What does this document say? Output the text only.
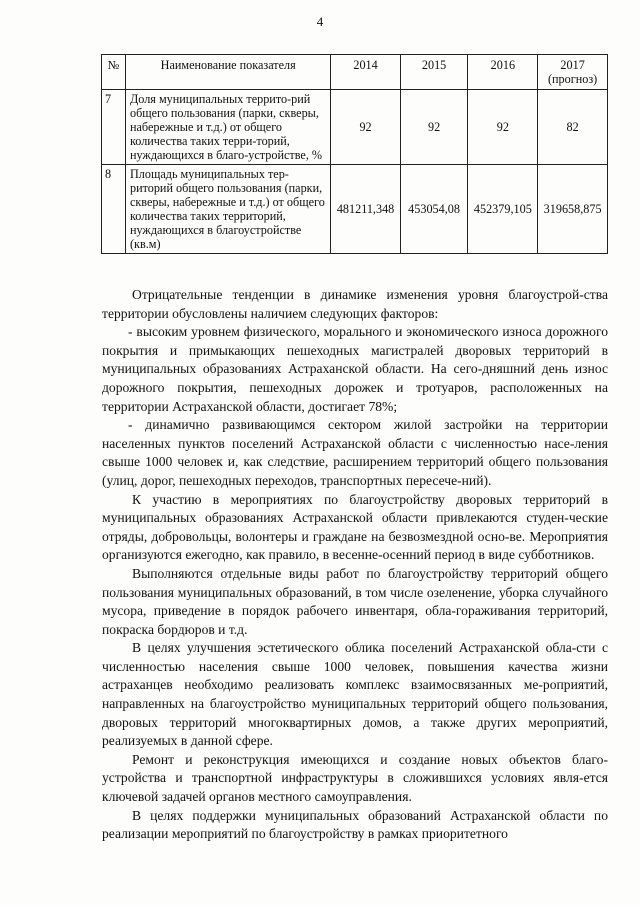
4
№	Наименование показателя	2014	2015	2016	2017
(прогноз)

7	Доля муниципальных террито-рий общего пользования (парки, скверы, набережные и т.д.) от общего количества таких терри-торий, нуждающихся в благо-устройстве, %	92	92	92	82
8	Площадь муниципальных тер-риторий общего пользования (парки, скверы, набережные и т.д.) от общего количества таких территорий, нуждающихся в благоустройстве (кв.м)	481211,348	453054,08	452379,105	319658,875

Отрицательные тенденции в динамике изменения уровня благоустрой-ства территории обусловлены наличием следующих факторов:

- высоким уровнем физического, морального и экономического износа дорожного покрытия и примыкающих пешеходных магистралей дворовых территорий в муниципальных образованиях Астраханской области. На сего-дняшний день износ дорожного покрытия, пешеходных дорожек и тротуаров, расположенных на территории Астраханской области, достигает 78%;

- динамично развивающимся сектором жилой застройки на территории населенных пунктов поселений Астраханской области с численностью насе-ления свыше 1000 человек и, как следствие, расширением территорий общего пользования (улиц, дорог, пешеходных переходов, транспортных пересече-ний).

К участию в мероприятиях по благоустройству дворовых территорий в муниципальных образованиях Астраханской области привлекаются студен-ческие отряды, добровольцы, волонтеры и граждане на безвозмездной осно-ве. Мероприятия организуются ежегодно, как правило, в весенне-осенний период в виде субботников.

Выполняются отдельные виды работ по благоустройству территорий общего пользования муниципальных образований, в том числе озеленение, уборка случайного мусора, приведение в порядок рабочего инвентаря, обла-гораживания территорий, покраска бордюров и т.д.

В целях улучшения эстетического облика поселений Астраханской обла-сти с численностью населения свыше 1000 человек, повышения качества жизни астраханцев необходимо реализовать комплекс взаимосвязанных ме-роприятий, направленных на благоустройство муниципальных территорий общего пользования, дворовых территорий многоквартирных домов, а также других мероприятий, реализуемых в данной сфере.

Ремонт и реконструкция имеющихся и создание новых объектов благо-устройства и транспортной инфраструктуры в сложившихся условиях явля-ется ключевой задачей органов местного самоуправления.

В целях поддержки муниципальных образований Астраханской области по реализации мероприятий по благоустройству в рамках приоритетного
